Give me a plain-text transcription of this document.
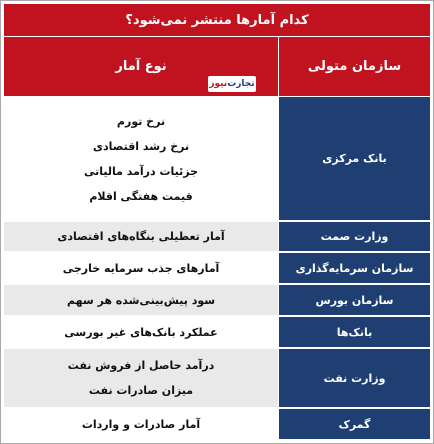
کدام آمارها منتشر نمی‌شود؟
سازمان متولی
نوع آمار
تجارت
نیوز
بانک مرکزی
نرخ تورم
نرخ رشد اقتصادی
جزئیات درآمد مالیاتی
قیمت هفتگی اقلام
وزارت صمت
آمار تعطیلی بنگاه‌های اقتصادی
سازمان سرمایه‌گذاری
آمارهای جذب سرمایه خارجی
سازمان بورس
سود پیش‌بینی‌شده هر سهم
بانک‌ها
عملکرد بانک‌های غیر بورسی
وزارت نفت
درآمد حاصل از فروش نفت
میزان صادرات نفت
گمرک
آمار صادرات و واردات
